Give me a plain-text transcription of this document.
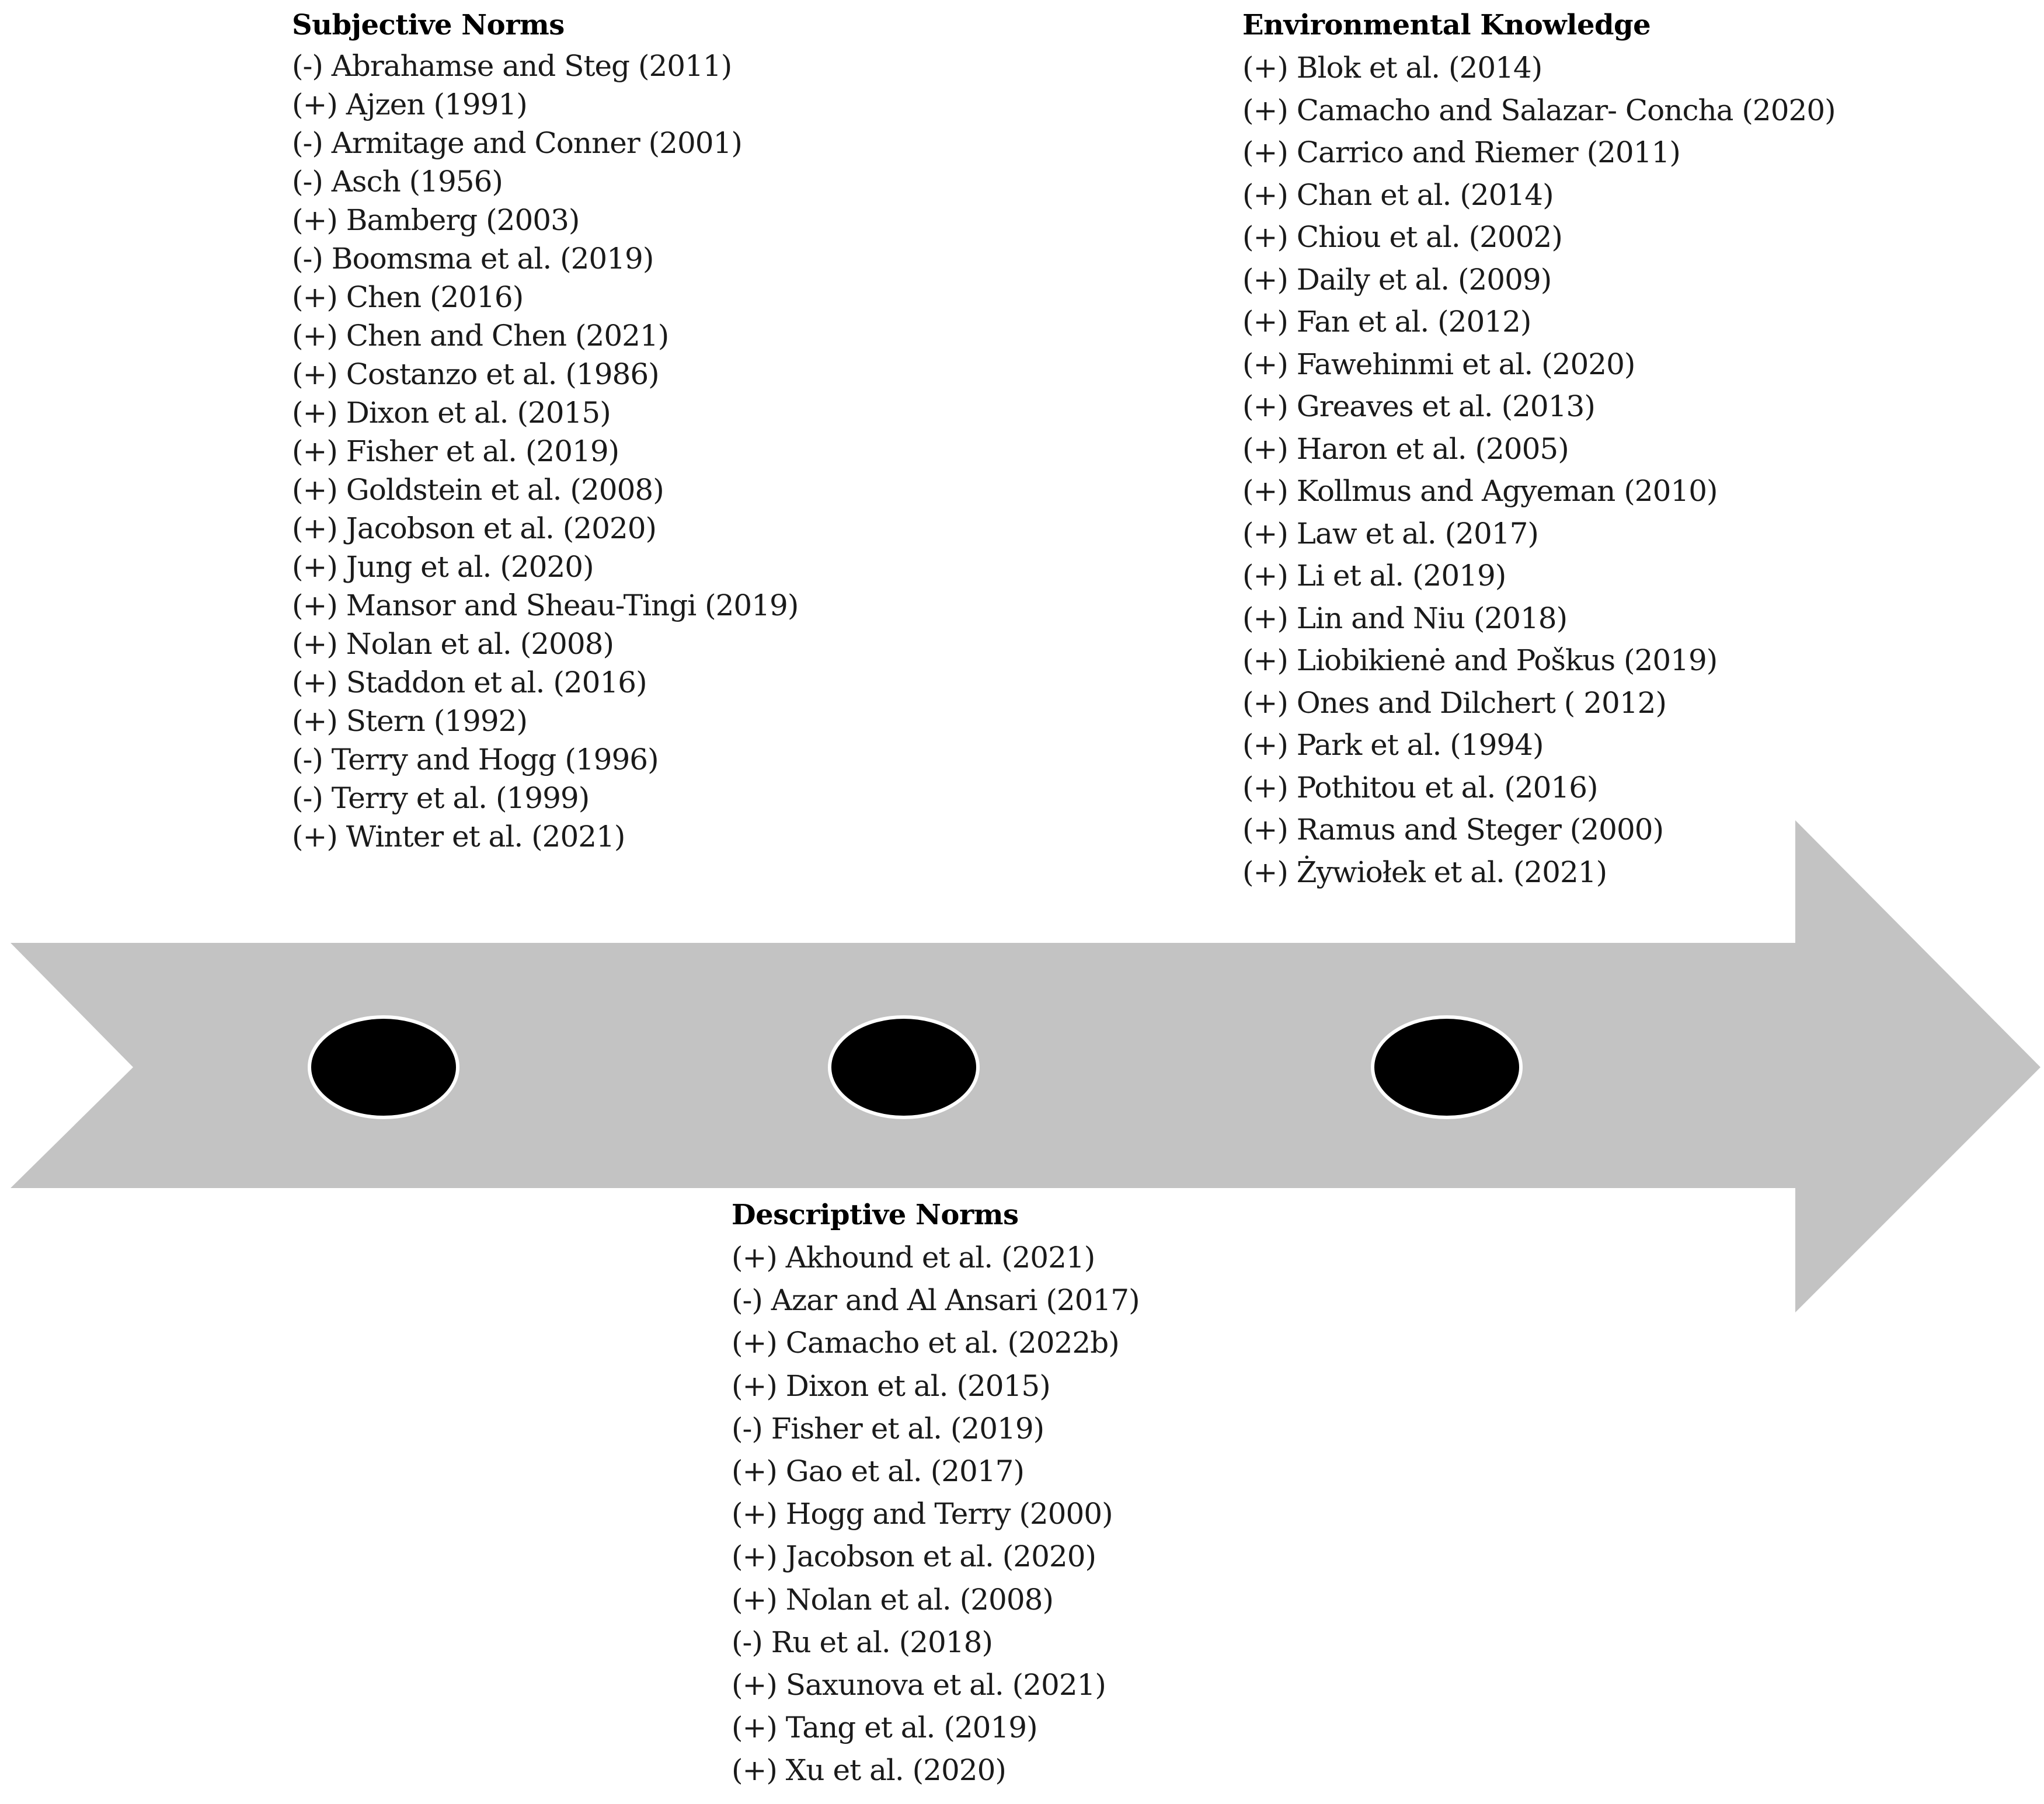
Subjective Norms
(-) Abrahamse and Steg (2011)
(+) Ajzen (1991)
(-) Armitage and Conner (2001)
(-) Asch (1956)
(+) Bamberg (2003)
(-) Boomsma et al. (2019)
(+) Chen (2016)
(+) Chen and Chen (2021)
(+) Costanzo et al. (1986)
(+) Dixon et al. (2015)
(+) Fisher et al. (2019)
(+) Goldstein et al. (2008)
(+) Jacobson et al. (2020)
(+) Jung et al. (2020)
(+) Mansor and Sheau-Tingi (2019)
(+) Nolan et al. (2008)
(+) Staddon et al. (2016)
(+) Stern (1992)
(-) Terry and Hogg (1996)
(-) Terry et al. (1999)
(+) Winter et al. (2021)
Environmental Knowledge
(+) Blok et al. (2014)
(+) Camacho and Salazar- Concha (2020)
(+) Carrico and Riemer (2011)
(+) Chan et al. (2014)
(+) Chiou et al. (2002)
(+) Daily et al. (2009)
(+) Fan et al. (2012)
(+) Fawehinmi et al. (2020)
(+) Greaves et al. (2013)
(+) Haron et al. (2005)
(+) Kollmus and Agyeman (2010)
(+) Law et al. (2017)
(+) Li et al. (2019)
(+) Lin and Niu (2018)
(+) Liobikienė and Poškus (2019)
(+) Ones and Dilchert ( 2012)
(+) Park et al. (1994)
(+) Pothitou et al. (2016)
(+) Ramus and Steger (2000)
(+) Żywiołek et al. (2021)
Descriptive Norms
(+) Akhound et al. (2021)
(-) Azar and Al Ansari (2017)
(+) Camacho et al. (2022b)
(+) Dixon et al. (2015)
(-) Fisher et al. (2019)
(+) Gao et al. (2017)
(+) Hogg and Terry (2000)
(+) Jacobson et al. (2020)
(+) Nolan et al. (2008)
(-) Ru et al. (2018)
(+) Saxunova et al. (2021)
(+) Tang et al. (2019)
(+) Xu et al. (2020)
